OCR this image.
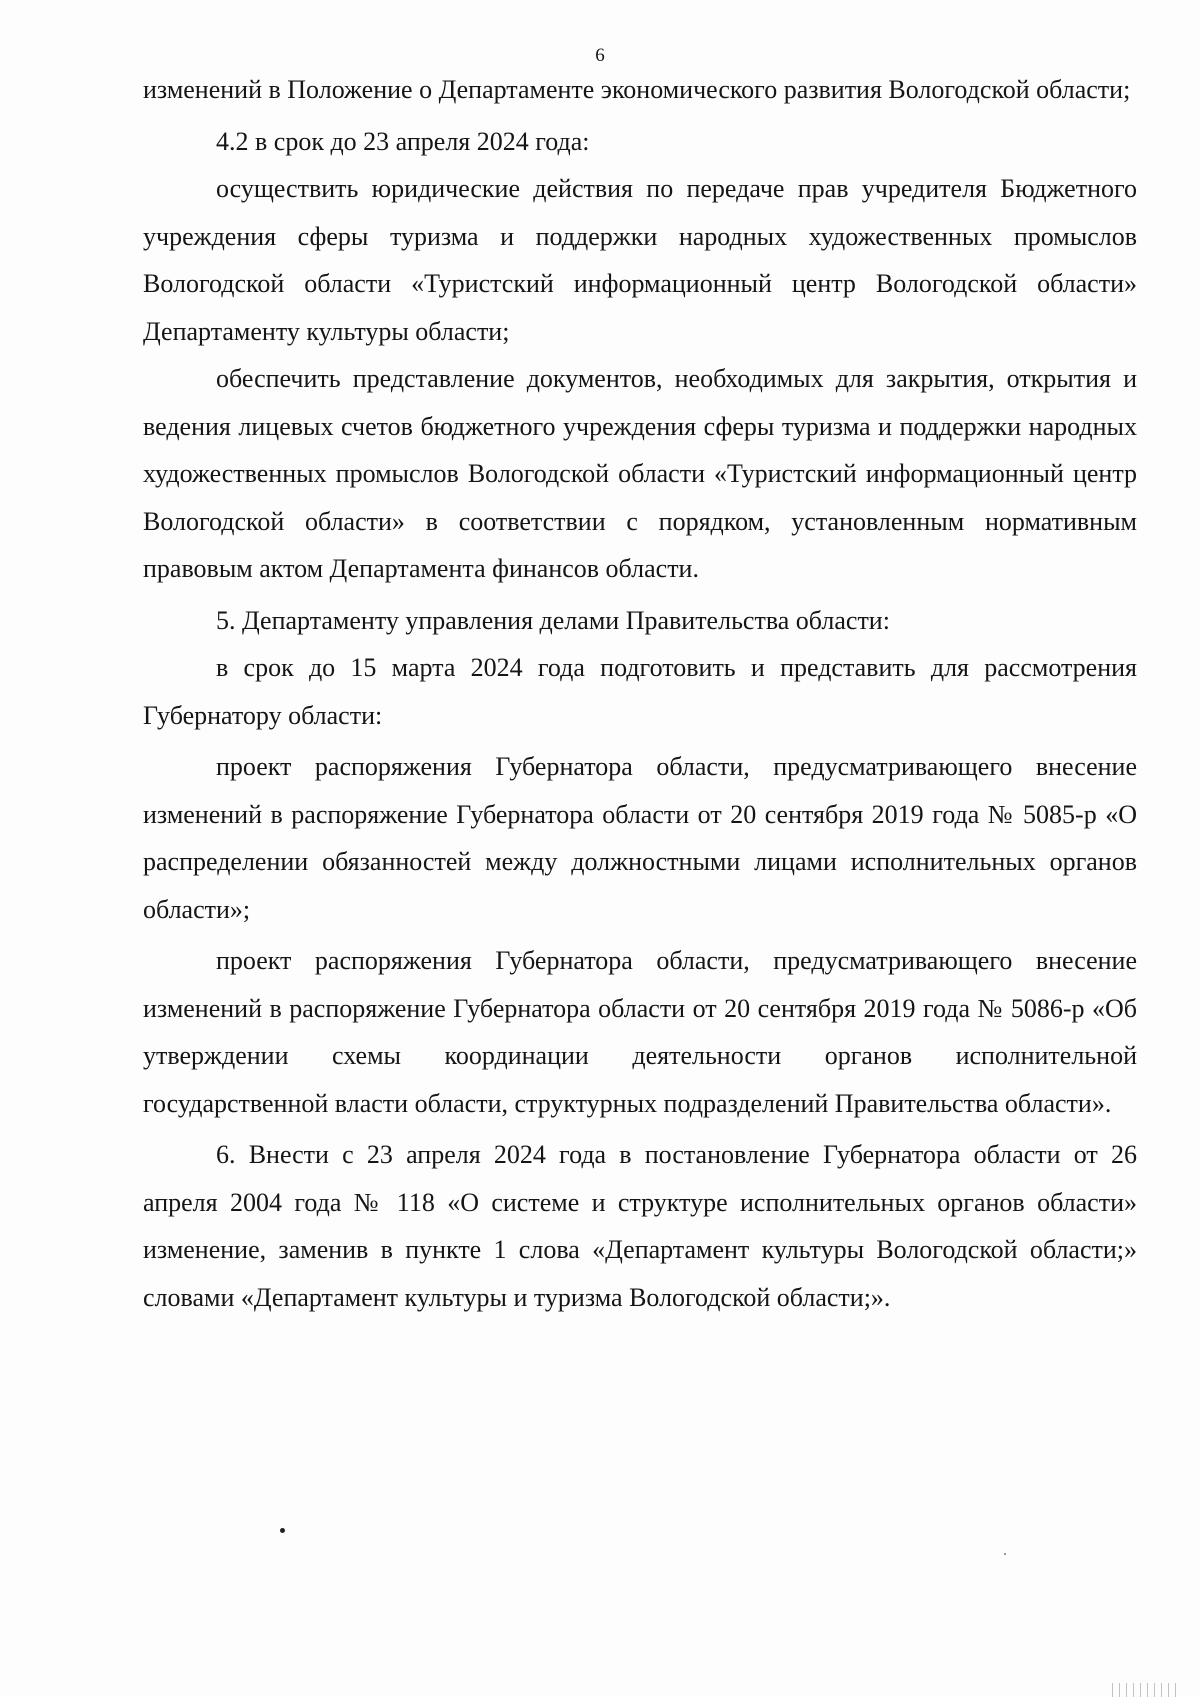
6

изменений в Положение о Департаменте экономического развития Вологодской области;

4.2 в срок до 23 апреля 2024 года:

осуществить юридические действия по передаче прав учредителя Бюджетного учреждения сферы туризма и поддержки народных художественных промыслов Вологодской области «Туристский информационный центр Вологодской области» Департаменту культуры области;

обеспечить представление документов, необходимых для закрытия, открытия и ведения лицевых счетов бюджетного учреждения сферы туризма и поддержки народных художественных промыслов Вологодской области «Туристский информационный центр Вологодской области» в соответствии с порядком, установленным нормативным правовым актом Департамента финансов области.

5. Департаменту управления делами Правительства области:

в срок до 15 марта 2024 года подготовить и представить для рассмотрения Губернатору области:

проект распоряжения Губернатора области, предусматривающего внесение изменений в распоряжение Губернатора области от 20 сентября 2019 года № 5085-р «О распределении обязанностей между должностными лицами исполнительных органов области»;

проект распоряжения Губернатора области, предусматривающего внесение изменений в распоряжение Губернатора области от 20 сентября 2019 года № 5086-р «Об утверждении схемы координации деятельности органов исполнительной государственной власти области, структурных подразделений Правительства области».

6. Внести с 23 апреля 2024 года в постановление Губернатора области от 26 апреля 2004 года № 118 «О системе и структуре исполнительных органов области» изменение, заменив в пункте 1 слова «Департамент культуры Вологодской области;» словами «Департамент культуры и туризма Вологодской области;».
